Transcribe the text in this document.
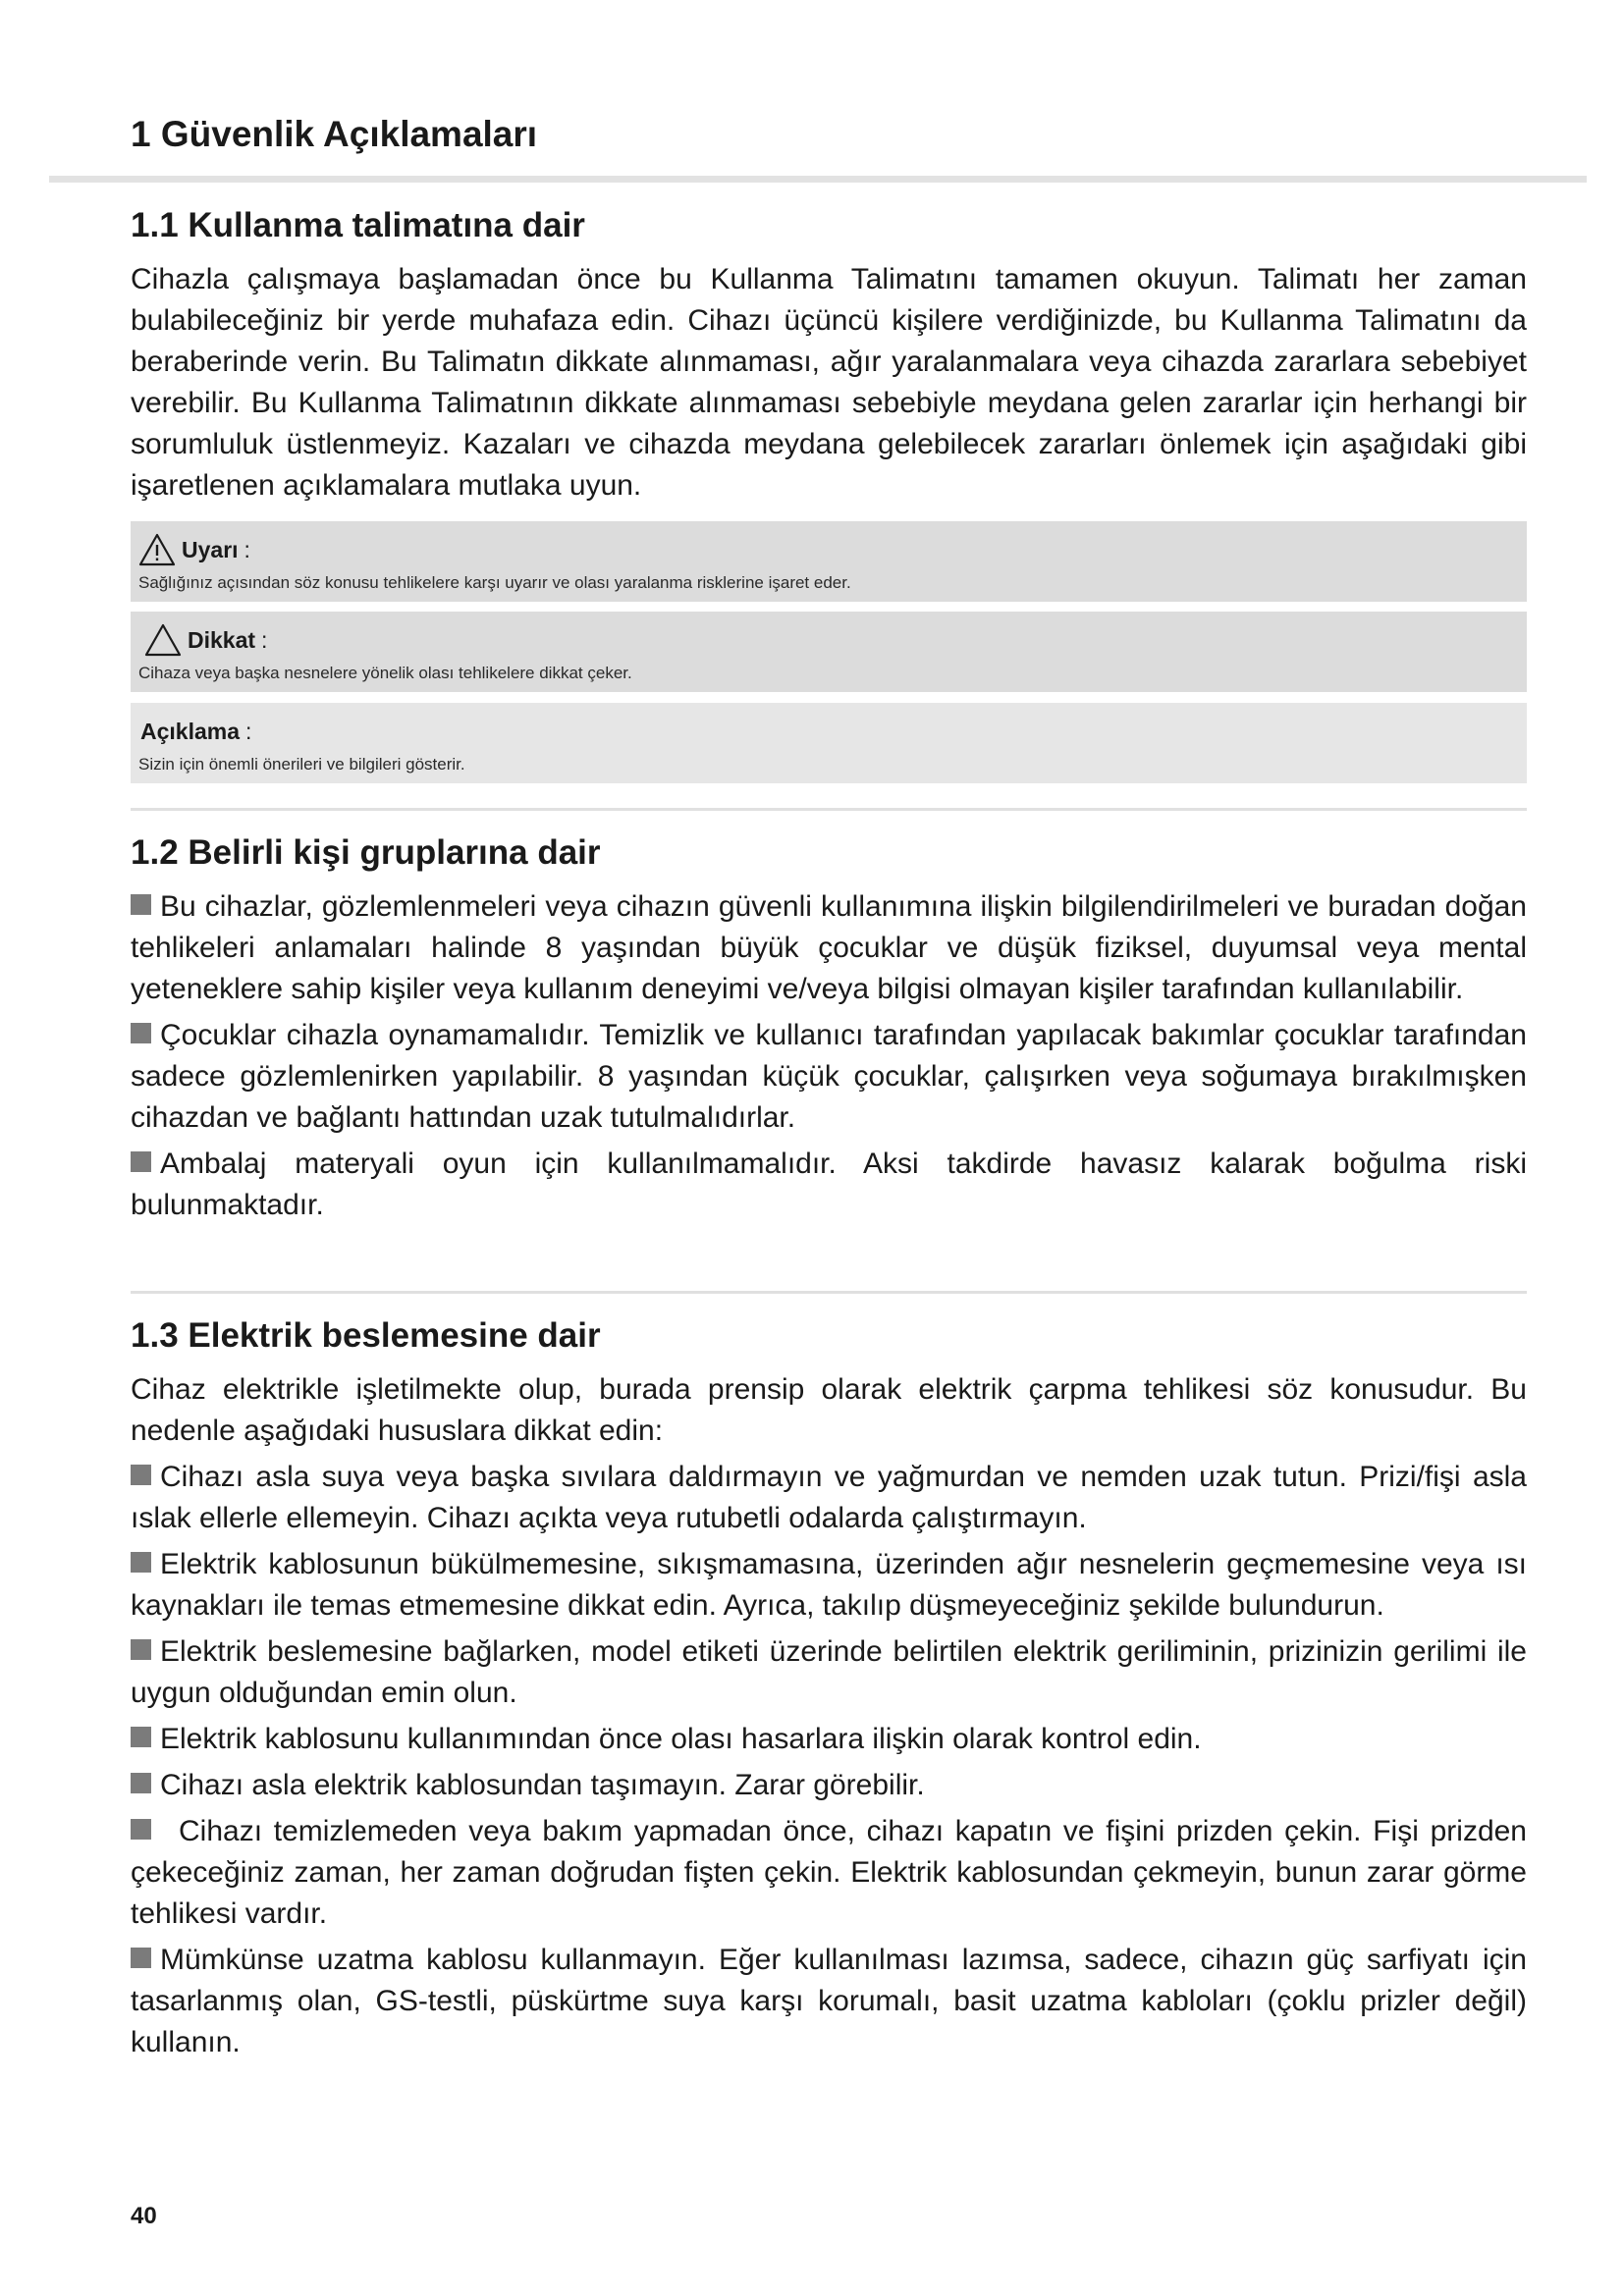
1 Güvenlik Açıklamaları
1.1 Kullanma talimatına dair

Cihazla çalışmaya başlamadan önce bu Kullanma Talimatını tamamen okuyun. Talimatı her zaman bulabileceğiniz bir yerde muhafaza edin. Cihazı üçüncü kişilere verdiğinizde, bu Kullanma Talimatını da beraberinde verin. Bu Talimatın dikkate alınmaması, ağır yaralanmalara veya cihazda zararlara sebebiyet verebilir. Bu Kullanma Talimatının dikkate alınmaması sebebiyle meydana gelen zararlar için herhangi bir sorumluluk üstlenmeyiz. Kazaları ve cihazda meydana gelebilecek zararları önlemek için aşağıdaki gibi işaretlenen açıklamalara mutlaka uyun.

Uyarı :
Sağlığınız açısından söz konusu tehlikelere karşı uyarır ve olası yaralanma risklerine işaret eder.
Dikkat :
Cihaza veya başka nesnelere yönelik olası tehlikelere dikkat çeker.
Açıklama :
Sizin için önemli önerileri ve bilgileri gösterir.
1.2 Belirli kişi gruplarına dair

Bu cihazlar, gözlemlenmeleri veya cihazın güvenli kullanımına ilişkin bilgilendirilmeleri ve buradan doğan tehlikeleri anlamaları halinde 8 yaşından büyük çocuklar ve düşük fiziksel, duyumsal veya mental yeteneklere sahip kişiler veya kullanım deneyimi ve/veya bilgisi olmayan kişiler tarafından kullanılabilir.

Çocuklar cihazla oynamamalıdır. Temizlik ve kullanıcı tarafından yapılacak bakımlar çocuklar tarafından sadece gözlemlenirken yapılabilir. 8 yaşından küçük çocuklar, çalışırken veya soğumaya bırakılmışken cihazdan ve bağlantı hattından uzak tutulmalıdırlar.

Ambalaj materyali oyun için kullanılmamalıdır. Aksi takdirde havasız kalarak boğulma riski bulunmaktadır.

1.3 Elektrik beslemesine dair

Cihaz elektrikle işletilmekte olup, burada prensip olarak elektrik çarpma tehlikesi söz konusudur. Bu nedenle aşağıdaki hususlara dikkat edin:

Cihazı asla suya veya başka sıvılara daldırmayın ve yağmurdan ve nemden uzak tutun. Prizi/fişi asla ıslak ellerle ellemeyin. Cihazı açıkta veya rutubetli odalarda çalıştırmayın.

Elektrik kablosunun bükülmemesine, sıkışmamasına, üzerinden ağır nesnelerin geçmemesine veya ısı kaynakları ile temas etmemesine dikkat edin. Ayrıca, takılıp düşmeyeceğiniz şekilde bulundurun.

Elektrik beslemesine bağlarken, model etiketi üzerinde belirtilen elektrik geriliminin, prizinizin gerilimi ile uygun olduğundan emin olun.

Elektrik kablosunu kullanımından önce olası hasarlara ilişkin olarak kontrol edin.

Cihazı asla elektrik kablosundan taşımayın. Zarar görebilir.

Cihazı temizlemeden veya bakım yapmadan önce, cihazı kapatın ve fişini prizden çekin. Fişi prizden çekeceğiniz zaman, her zaman doğrudan fişten çekin. Elektrik kablosundan çekmeyin, bunun zarar görme tehlikesi vardır.

Mümkünse uzatma kablosu kullanmayın. Eğer kullanılması lazımsa, sadece, cihazın güç sarfiyatı için tasarlanmış olan, GS-testli, püskürtme suya karşı korumalı, basit uzatma kabloları (çoklu prizler değil) kullanın.

40
